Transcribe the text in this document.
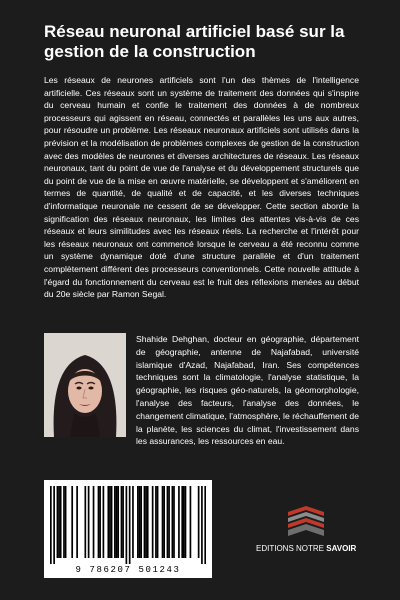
Réseau neuronal artificiel basé sur la gestion de la construction

Les réseaux de neurones artificiels sont l'un des thèmes de l'intelligence artificielle. Ces réseaux sont un système de traitement des données qui s'inspire du cerveau humain et confie le traitement des données à de nombreux processeurs qui agissent en réseau, connectés et parallèles les uns aux autres, pour résoudre un problème. Les réseaux neuronaux artificiels sont utilisés dans la prévision et la modélisation de problèmes complexes de gestion de la construction avec des modèles de neurones et diverses architectures de réseaux. Les réseaux neuronaux, tant du point de vue de l'analyse et du développement structurels que du point de vue de la mise en œuvre matérielle, se développent et s'améliorent en termes de quantité, de qualité et de capacité, et les diverses techniques d'informatique neuronale ne cessent de se développer. Cette section aborde la signification des réseaux neuronaux, les limites des attentes vis-à-vis de ces réseaux et leurs similitudes avec les réseaux réels. La recherche et l'intérêt pour les réseaux neuronaux ont commencé lorsque le cerveau a été reconnu comme un système dynamique doté d'une structure parallèle et d'un traitement complètement différent des processeurs conventionnels. Cette nouvelle attitude à l'égard du fonctionnement du cerveau est le fruit des réflexions menées au début du 20e siècle par Ramon Segal.

Shahide Dehghan, docteur en géographie, département de géographie, antenne de Najafabad, université islamique d'Azad, Najafabad, Iran. Ses compétences techniques sont la climatologie, l'analyse statistique, la géographie, les risques géo-naturels, la géomorphologie, l'analyse des facteurs, l'analyse des données, le changement climatique, l'atmosphère, le réchauffement de la planète, les sciences du climat, l'investissement dans les assurances, les ressources en eau.

9 786207 501243
EDITIONS NOTRE SAVOIR
